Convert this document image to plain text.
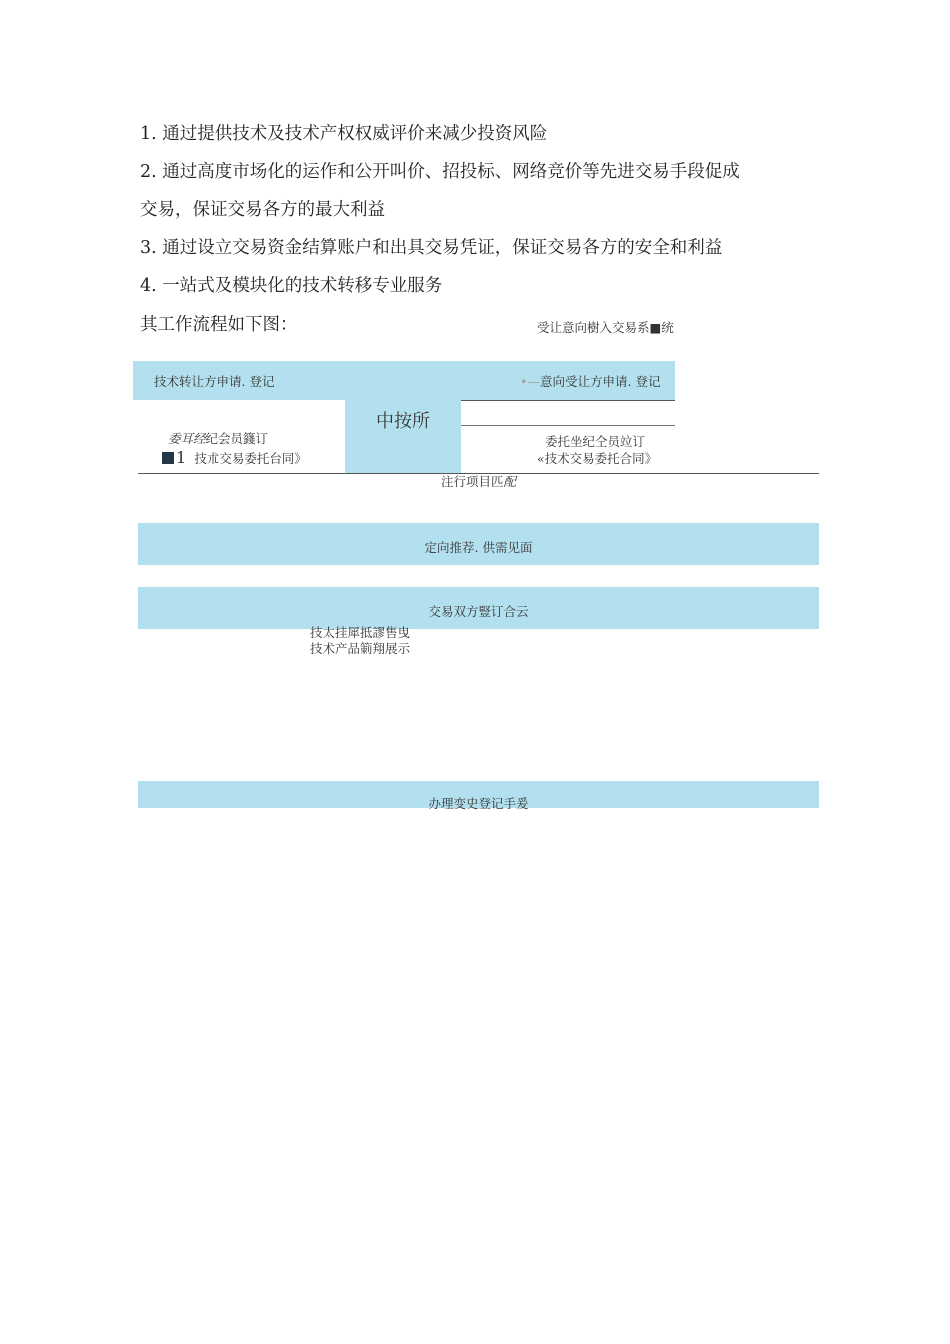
1. 通过提供技术及技术产权权威评价来减少投资风险
2. 通过高度市场化的运作和公开叫价、招投标、网络竞价等先进交易手段促成
交易，保证交易各方的最大利益
3. 通过设立交易资金结算账户和出具交易凭证，保证交易各方的安全和利益
4. 一站式及模块化的技术转移专业服务
其工作流程如下图：	受让意向樹入交易系■统
技术转让方申请. 登记	•— 意向受让方申请. 登记
中按所
委耳经纪会员籛订
1 技朮交易委托台同》
委托坐纪仝员竝订
«技术交易委托合同》
注行项目匹配
定向推荐. 供需见面
交易双方豎订合云
技太挂犀抵謬售曳
技术产品箣翔展示
办理变史登记手爰
